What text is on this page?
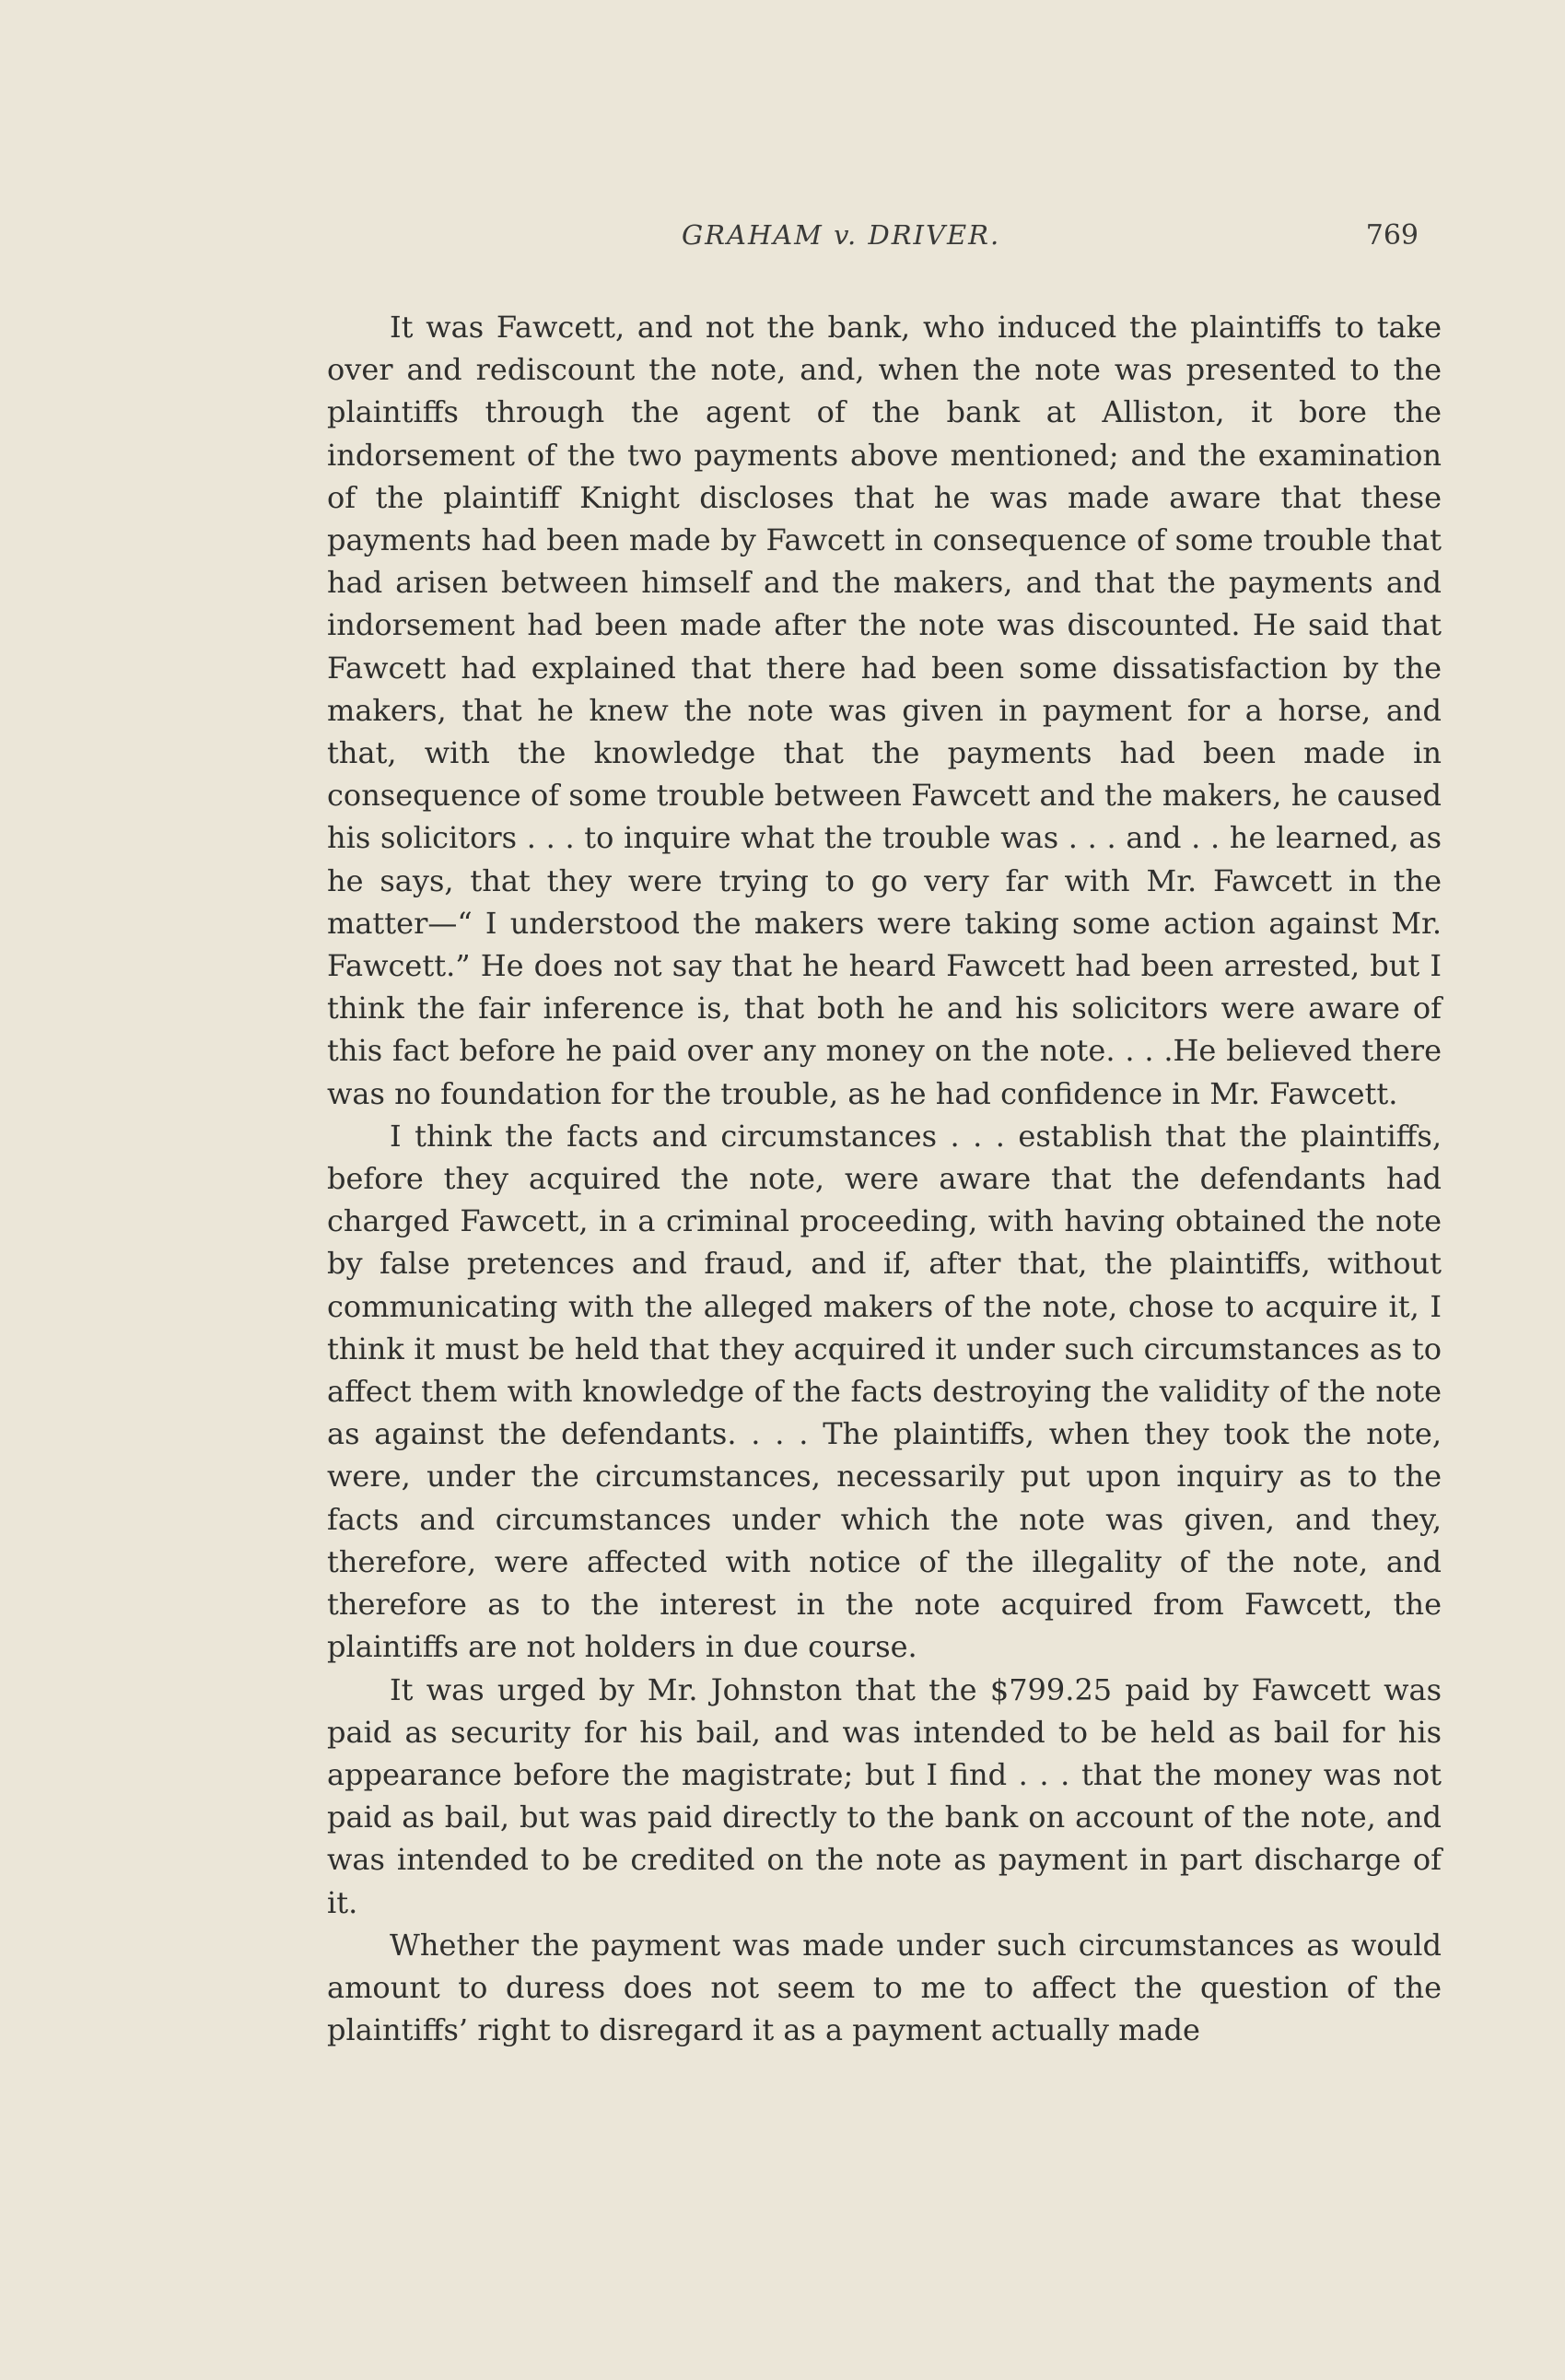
GRAHAM v. DRIVER.	769

It was Fawcett, and not the bank, who induced the plaintiffs to take over and rediscount the note, and, when the note was presented to the plaintiffs through the agent of the bank at Alliston, it bore the indorsement of the two payments above mentioned; and the examination of the plaintiff Knight discloses that he was made aware that these payments had been made by Fawcett in consequence of some trouble that had arisen between himself and the makers, and that the payments and indorsement had been made after the note was discounted. He said that Fawcett had explained that there had been some dissatisfaction by the makers, that he knew the note was given in payment for a horse, and that, with the knowledge that the payments had been made in consequence of some trouble between Fawcett and the makers, he caused his solicitors . . . to inquire what the trouble was . . . and . . he learned, as he says, that they were trying to go very far with Mr. Fawcett in the matter—“ I understood the makers were taking some action against Mr. Fawcett.” He does not say that he heard Fawcett had been arrested, but I think the fair inference is, that both he and his solicitors were aware of this fact before he paid over any money on the note. . . .He believed there was no foundation for the trouble, as he had confidence in Mr. Fawcett.

I think the facts and circumstances . . . establish that the plaintiffs, before they acquired the note, were aware that the defendants had charged Fawcett, in a criminal proceeding, with having obtained the note by false pretences and fraud, and if, after that, the plaintiffs, without communicating with the alleged makers of the note, chose to acquire it, I think it must be held that they acquired it under such circumstances as to affect them with knowledge of the facts destroying the validity of the note as against the defendants. . . . The plaintiffs, when they took the note, were, under the circumstances, necessarily put upon inquiry as to the facts and circumstances under which the note was given, and they, therefore, were affected with notice of the illegality of the note, and therefore as to the interest in the note acquired from Fawcett, the plaintiffs are not holders in due course.

It was urged by Mr. Johnston that the $799.25 paid by Fawcett was paid as security for his bail, and was intended to be held as bail for his appearance before the magistrate; but I find . . . that the money was not paid as bail, but was paid directly to the bank on account of the note, and was intended to be credited on the note as payment in part discharge of it.

Whether the payment was made under such circumstances as would amount to duress does not seem to me to affect the question of the plaintiffs’ right to disregard it as a payment actually made
